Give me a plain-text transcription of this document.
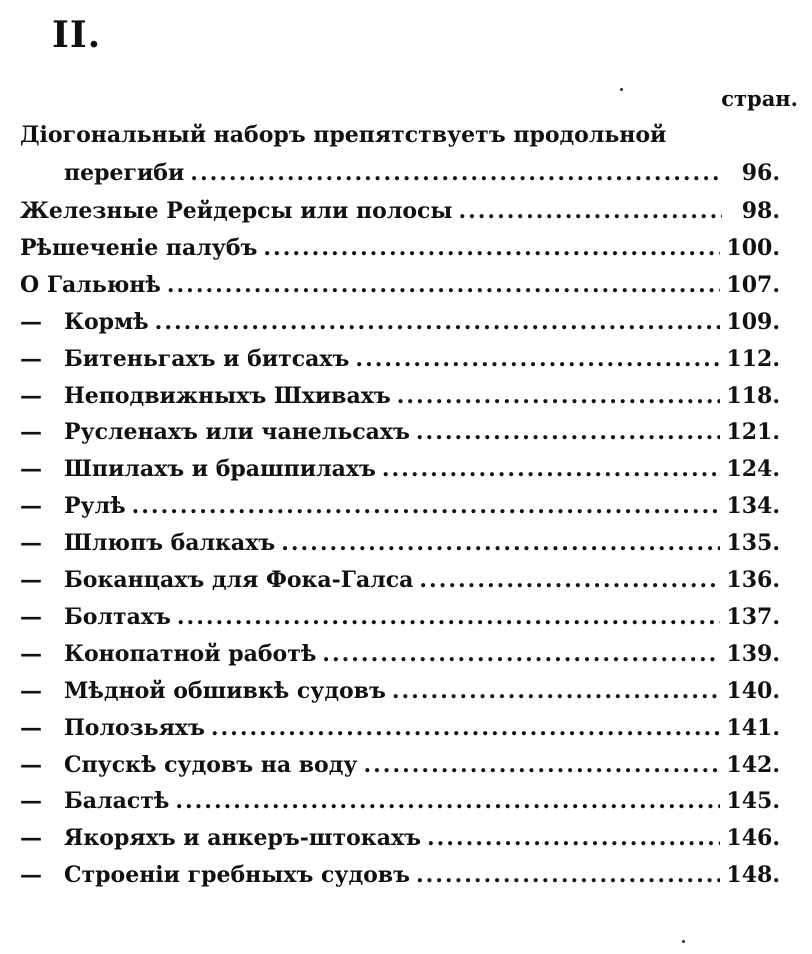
II.
стран.
Діогональный наборъ препятствуетъ продольной
перегиби .....	96.
Железные Рейдерсы или полосы .....	98.
Рѣшеченіе палубъ .....	100.
О Гальюнѣ .....	107.
—	Кормѣ .....	109.
—	Битеньгахъ и битсахъ .....	112.
—	Неподвижныхъ Шхивахъ .....	118.
—	Русленахъ или чанельсахъ .....	121.
—	Шпилахъ и брашпилахъ .....	124.
—	Рулѣ .....	134.
—	Шлюпъ балкахъ .....	135.
—	Боканцахъ для Фока-Галса .....	136.
—	Болтахъ .....	137.
—	Конопатной работѣ .....	139.
—	Мѣдной обшивкѣ судовъ .....	140.
—	Полозьяхъ .....	141.
—	Спускѣ судовъ на воду .....	142.
—	Баластѣ .....	145.
—	Якоряхъ и анкеръ-штокахъ .....	146.
—	Строеніи гребныхъ судовъ .....	148.
